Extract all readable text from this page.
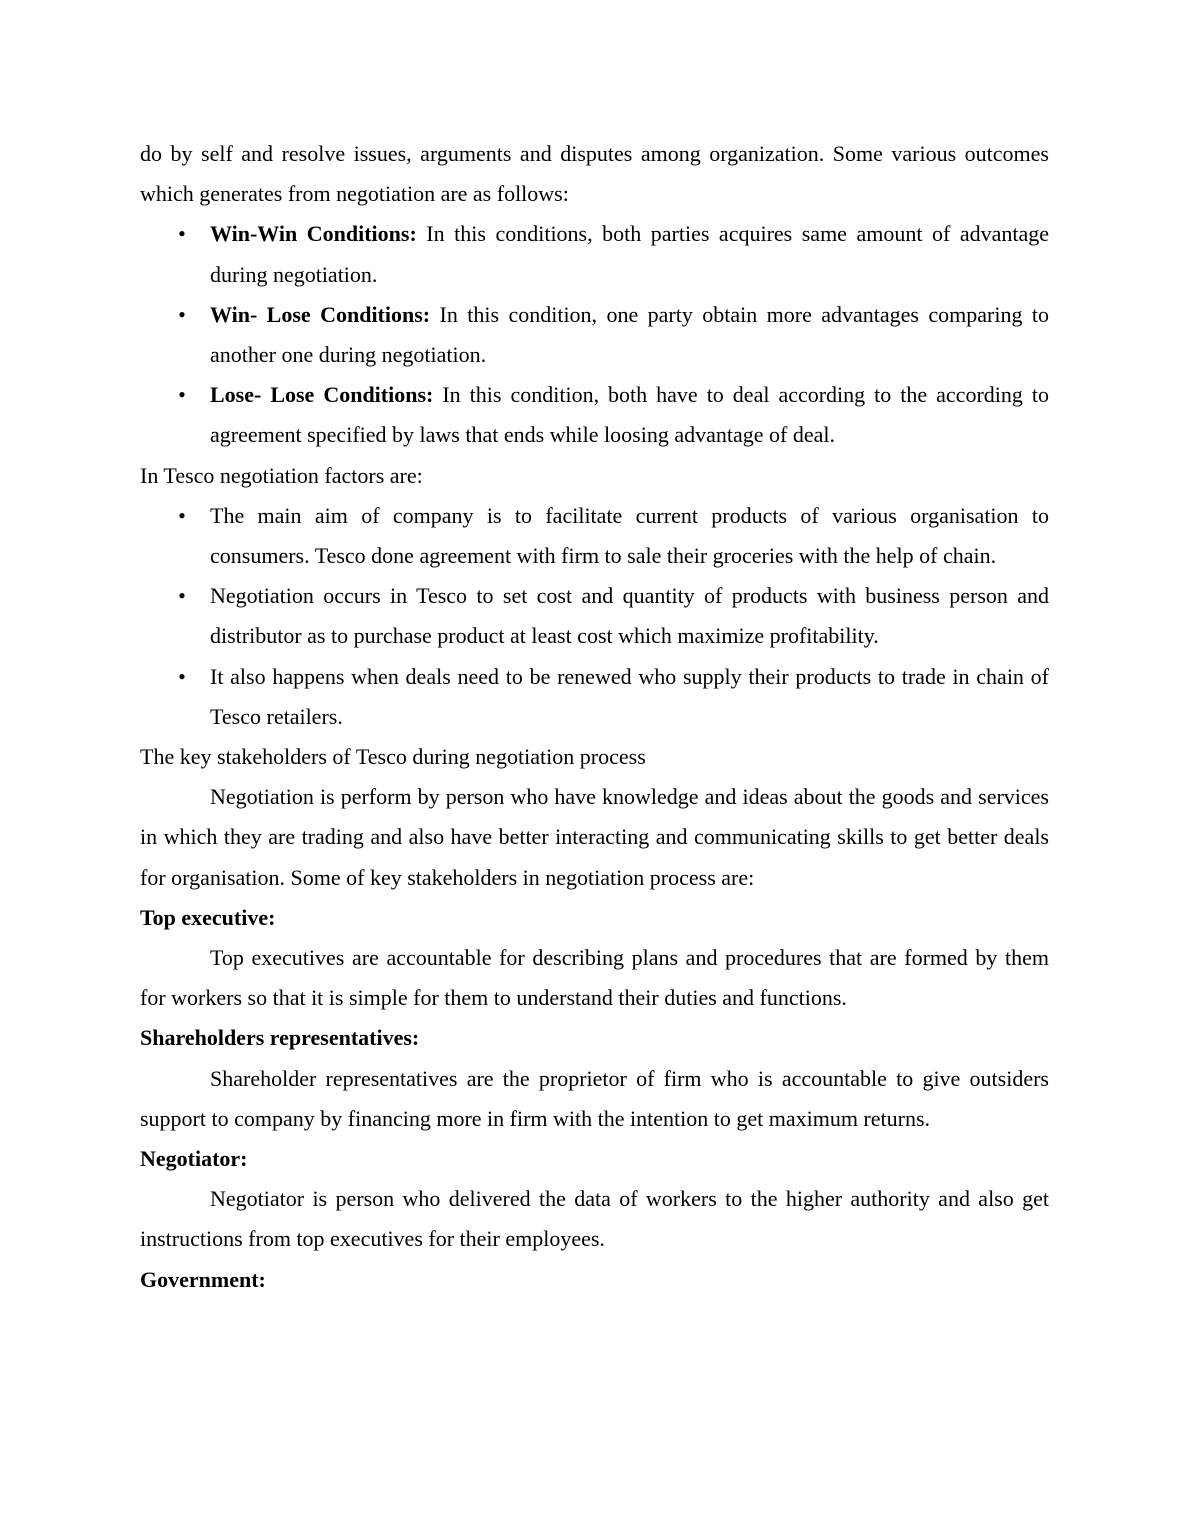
do by self and resolve issues, arguments and disputes among organization. Some various outcomes which generates from negotiation are as follows:

• Win-Win Conditions: In this conditions, both parties acquires same amount of advantage during negotiation.
• Win- Lose Conditions: In this condition, one party obtain more advantages comparing to another one during negotiation.
• Lose- Lose Conditions: In this condition, both have to deal according to the according to agreement specified by laws that ends while loosing advantage of deal.

In Tesco negotiation factors are:

• The main aim of company is to facilitate current products of various organisation to consumers. Tesco done agreement with firm to sale their groceries with the help of chain.
• Negotiation occurs in Tesco to set cost and quantity of products with business person and distributor as to purchase product at least cost which maximize profitability.
• It also happens when deals need to be renewed who supply their products to trade in chain of Tesco retailers.

The key stakeholders of Tesco during negotiation process

Negotiation is perform by person who have knowledge and ideas about the goods and services in which they are trading and also have better interacting and communicating skills to get better deals for organisation. Some of key stakeholders in negotiation process are:

Top executive:

Top executives are accountable for describing plans and procedures that are formed by them for workers so that it is simple for them to understand their duties and functions.

Shareholders representatives:

Shareholder representatives are the proprietor of firm who is accountable to give outsiders support to company by financing more in firm with the intention to get maximum returns.

Negotiator:

Negotiator is person who delivered the data of workers to the higher authority and also get instructions from top executives for their employees.

Government:
